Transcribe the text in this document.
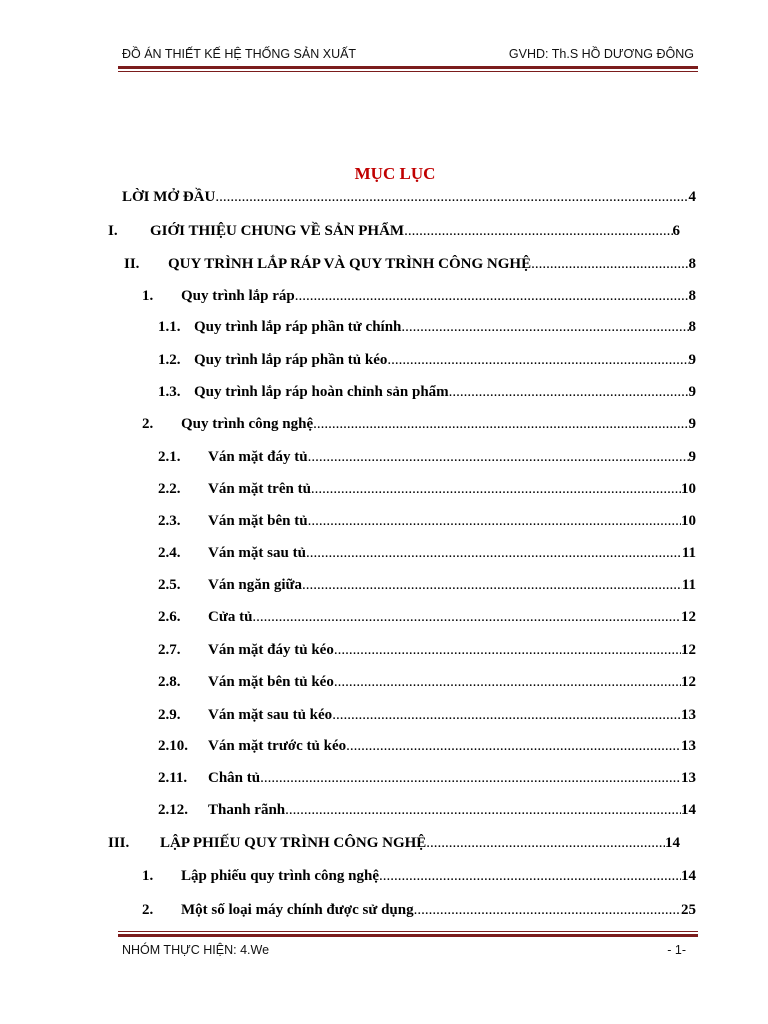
ĐỒ ÁN THIẾT KẾ HỆ THỐNG SẢN XUẤT	GVHD: Th.S HỒ DƯƠNG ĐÔNG
MỤC LỤC
LỜI MỞ ĐẦU .....	4
I. GIỚI THIỆU CHUNG VỀ SẢN PHẨM .....	6
II. QUY TRÌNH LẮP RÁP VÀ QUY TRÌNH CÔNG NGHỆ .....	8
1. Quy trình lắp ráp .....	8
1.1. Quy trình lắp ráp phần tử chính .....	8
1.2. Quy trình lắp ráp phần tủ kéo .....	9
1.3. Quy trình lắp ráp hoàn chỉnh sản phẩm .....	9
2. Quy trình công nghệ .....	9
2.1. Ván mặt đáy tủ .....	9
2.2. Ván mặt trên tủ .....	10
2.3. Ván mặt bên tủ .....	10
2.4. Ván mặt sau tủ .....	11
2.5. Ván ngăn giữa .....	11
2.6. Cửa tủ .....	12
2.7. Ván mặt đáy tủ kéo .....	12
2.8. Ván mặt bên tủ kéo .....	12
2.9. Ván mặt sau tủ kéo .....	13
2.10. Ván mặt trước tủ kéo .....	13
2.11. Chân tủ .....	13
2.12. Thanh rãnh .....	14
III. LẬP PHIẾU QUY TRÌNH CÔNG NGHỆ .....	14
1. Lập phiếu quy trình công nghệ .....	14
2. Một số loại máy chính được sử dụng .....	25
NHÓM THỰC HIỆN: 4.We	- 1-
